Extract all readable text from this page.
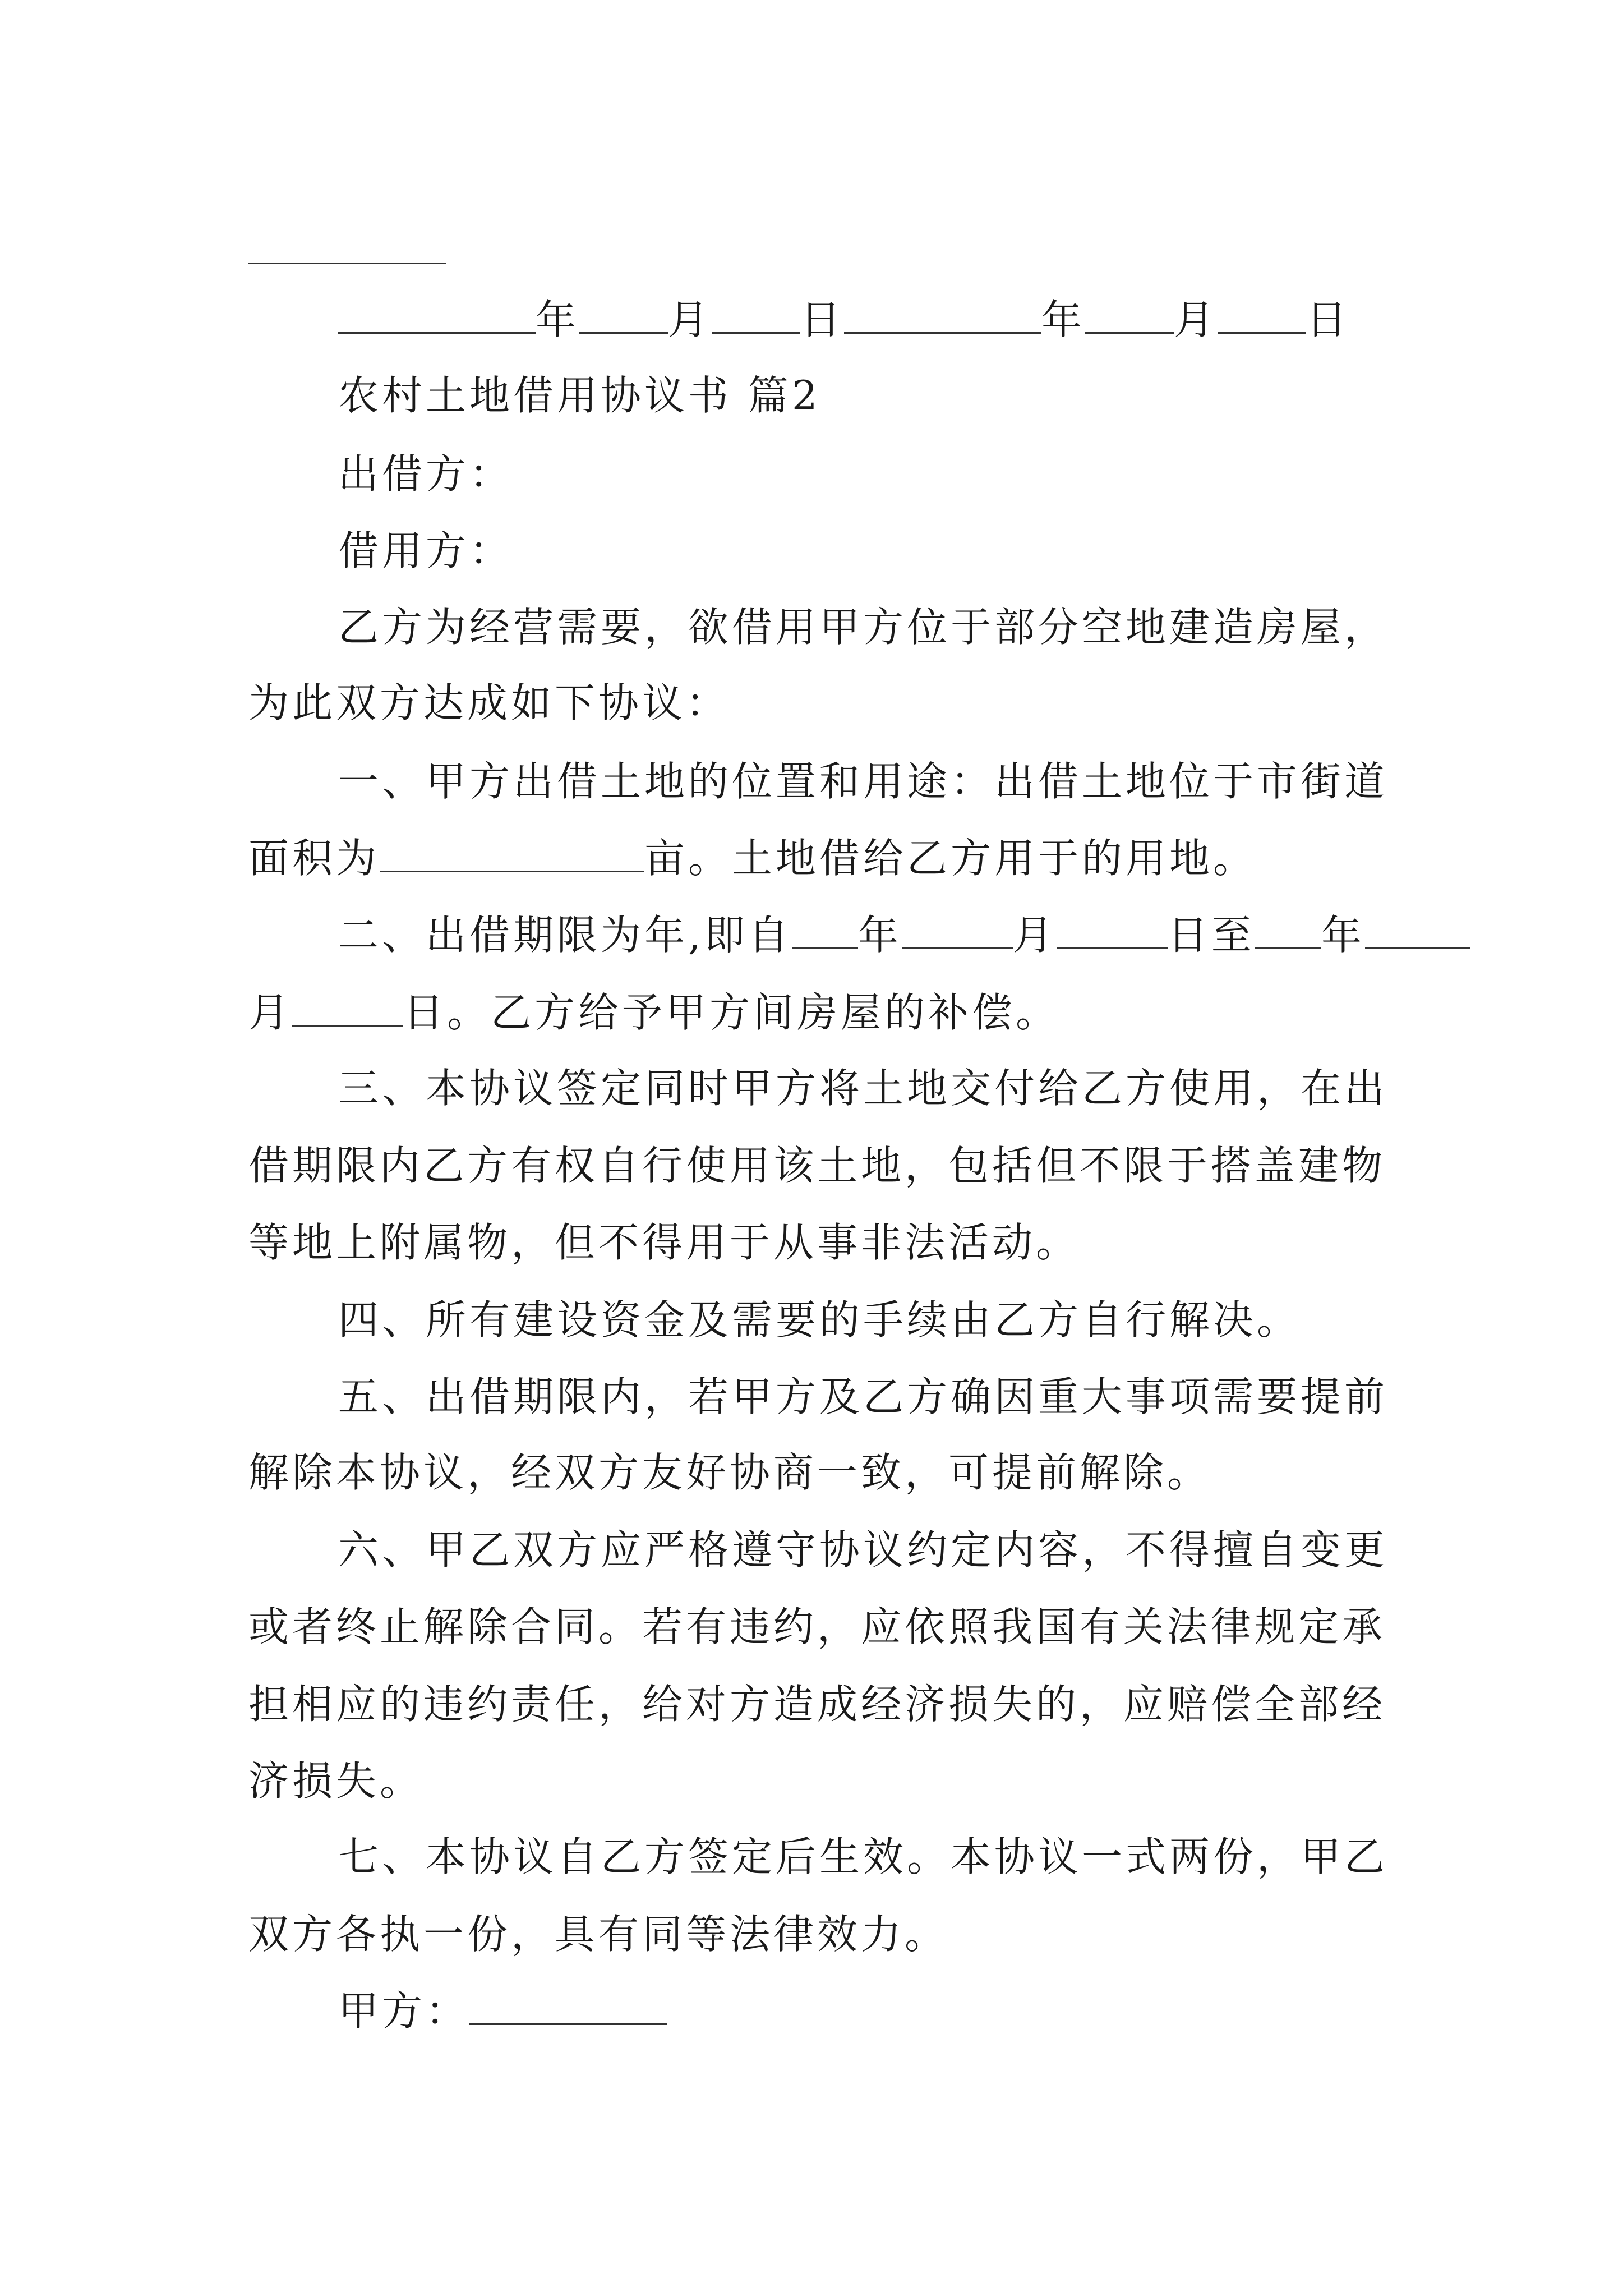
年 月 日	年 月 日
农村土地借用协议书 篇2
出借方：
借用方：
乙方为经营需要，欲借用甲方位于部分空地建造房屋，
为此双方达成如下协议：
一、甲方出借土地的位置和用途：出借土地位于市街道
面积为	亩。土地借给乙方用于的用地。
二、出借期限为年,即自 年	月	日至 年
月	日。乙方给予甲方间房屋的补偿。
三、本协议签定同时甲方将土地交付给乙方使用，在出
借期限内乙方有权自行使用该土地，包括但不限于搭盖建物
等地上附属物，但不得用于从事非法活动。
四、所有建设资金及需要的手续由乙方自行解决。
五、出借期限内，若甲方及乙方确因重大事项需要提前
解除本协议，经双方友好协商一致，可提前解除。
六、甲乙双方应严格遵守协议约定内容，不得擅自变更
或者终止解除合同。若有违约，应依照我国有关法律规定承
担相应的违约责任，给对方造成经济损失的，应赔偿全部经
济损失。
七、本协议自乙方签定后生效。本协议一式两份，甲乙
双方各执一份，具有同等法律效力。
甲方：
